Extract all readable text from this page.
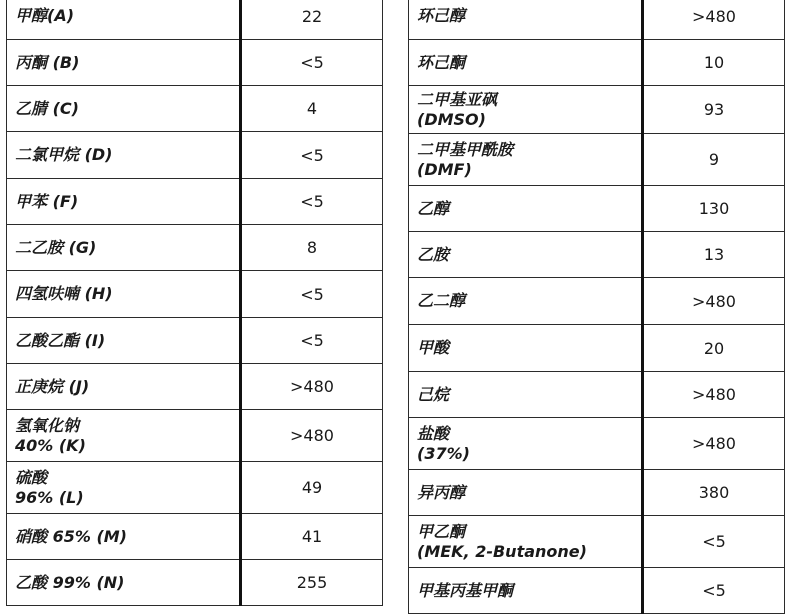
甲醇(A)	22
丙酮 (B)	<5
乙腈 (C)	4
二氯甲烷 (D)	<5
甲苯 (F)	<5
二乙胺 (G)	8
四氢呋喃 (H)	<5
乙酸乙酯 (I)	<5
正庚烷 (J)	>480
氢氧化钠
40% (K)	>480
硫酸
96% (L)	49
硝酸 65% (M)	41
乙酸 99% (N)	255
环己醇	>480
环己酮	10
二甲基亚砜
(DMSO)	93
二甲基甲酰胺
(DMF)	9
乙醇	130
乙胺	13
乙二醇	>480
甲酸	20
己烷	>480
盐酸
(37%)	>480
异丙醇	380
甲乙酮
(MEK, 2-Butanone)	<5
甲基丙基甲酮	<5
